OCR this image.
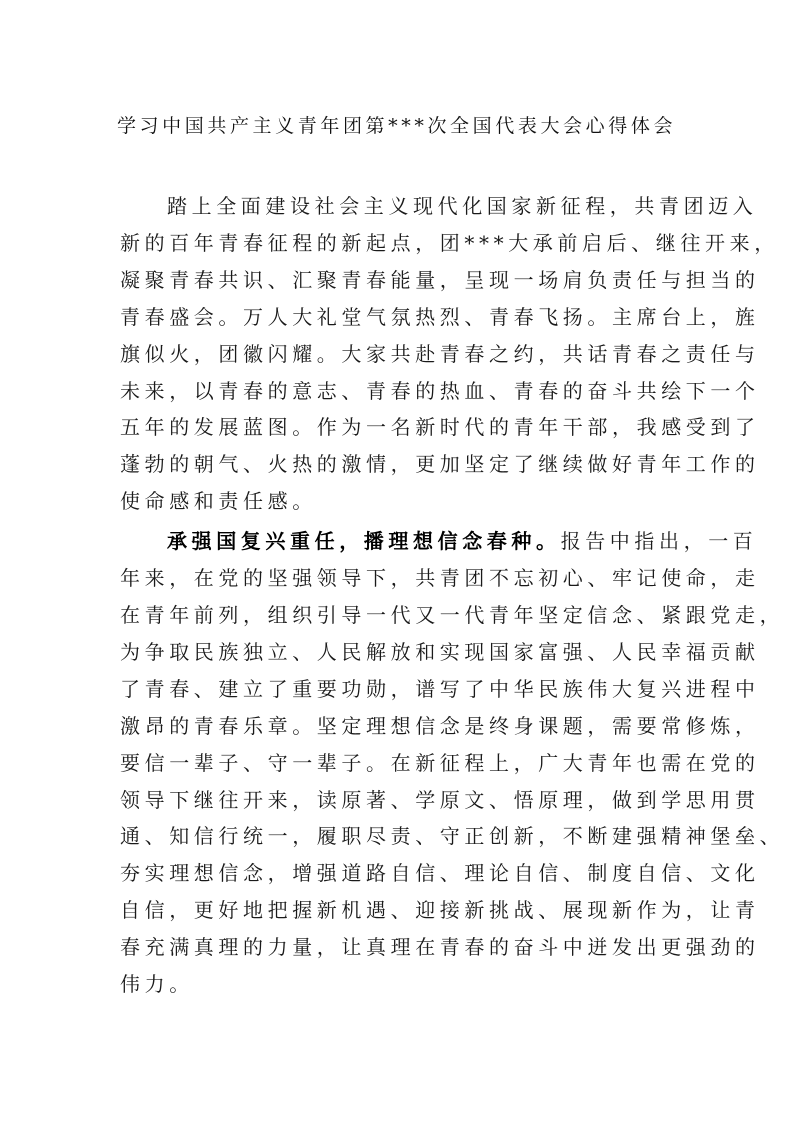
学习中国共产主义青年团第***次全国代表大会心得体会
踏上全面建设社会主义现代化国家新征程，共青团迈入
新的百年青春征程的新起点，团***大承前启后、继往开来，
凝聚青春共识、汇聚青春能量，呈现一场肩负责任与担当的
青春盛会。万人大礼堂气氛热烈、青春飞扬。主席台上，旌
旗似火，团徽闪耀。大家共赴青春之约，共话青春之责任与
未来，以青春的意志、青春的热血、青春的奋斗共绘下一个
五年的发展蓝图。作为一名新时代的青年干部，我感受到了
蓬勃的朝气、火热的激情，更加坚定了继续做好青年工作的
使命感和责任感。
承强国复兴重任，播理想信念春种。报告中指出，一百
年来，在党的坚强领导下，共青团不忘初心、牢记使命，走
在青年前列，组织引导一代又一代青年坚定信念、紧跟党走，
为争取民族独立、人民解放和实现国家富强、人民幸福贡献
了青春、建立了重要功勋，谱写了中华民族伟大复兴进程中
激昂的青春乐章。坚定理想信念是终身课题，需要常修炼，
要信一辈子、守一辈子。在新征程上，广大青年也需在党的
领导下继往开来，读原著、学原文、悟原理，做到学思用贯
通、知信行统一，履职尽责、守正创新，不断建强精神堡垒、
夯实理想信念，增强道路自信、理论自信、制度自信、文化
自信，更好地把握新机遇、迎接新挑战、展现新作为，让青
春充满真理的力量，让真理在青春的奋斗中迸发出更强劲的
伟力。
